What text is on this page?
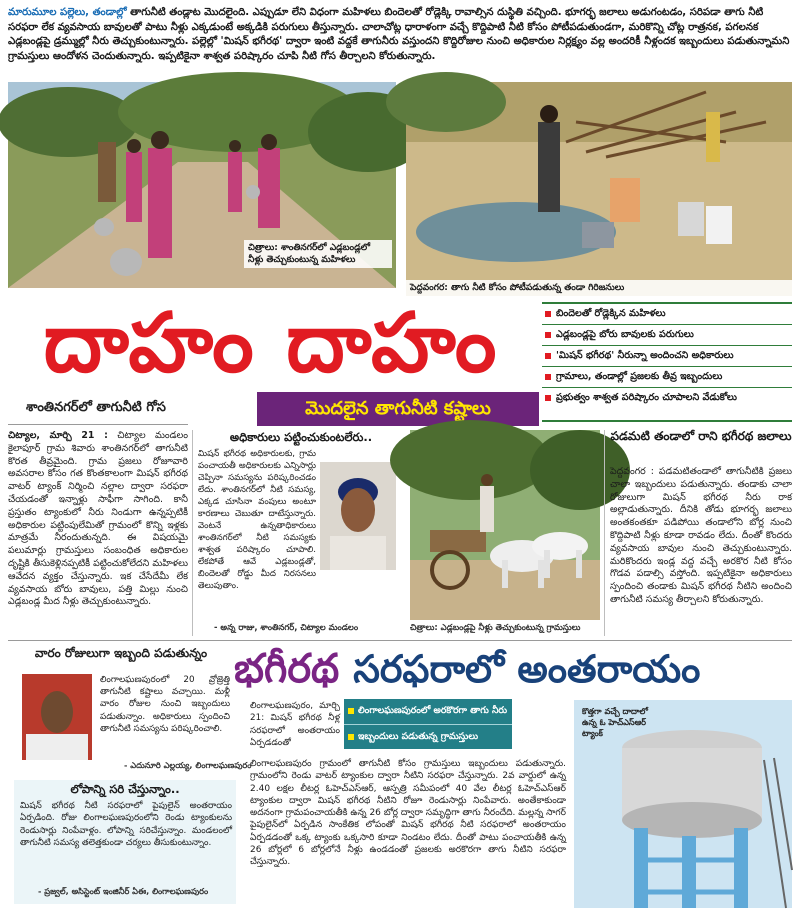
మారుమూల పల్లెలు, తండాల్లో తాగునీటి తండ్లాట మొదలైంది. ఎప్పుడూ లేని విధంగా మహిళలు బిందెలతో రోడ్లెక్కి రావాల్సిన దుస్థితి వచ్చింది. భూగర్భ జలాలు అడుగంటడం, సరిపడా తాగు నీటి సరఫరా లేక వ్యవసాయ బావులతో పాటు నీళ్లు ఎక్కడుంటే అక్కడికి పరుగులు తీస్తున్నారు. చాలాచోట్ల ధారాళంగా వచ్చే కొద్దిపాటి నీటి కోసం పోటీపడుతుండగా, మరికొన్ని చోట్ల రాత్రనక, పగలనక ఎడ్లబండ్లపై డ్రమ్ముల్లో నీరు తెచ్చుకుంటున్నారు. పల్లెల్లో 'మిషన్ భగీరథ' ద్వారా ఇంటి వద్దకే తాగునీరు వస్తుందని కొద్దిరోజుల నుంచి అధికారుల నిర్లక్ష్యం వల్ల అందరికీ నీళ్లందక ఇబ్బందులు పడుతున్నామని గ్రామస్తులు ఆందోళన చెందుతున్నారు. ఇప్పటికైనా శాశ్వత పరిష్కారం చూపి నీటి గోస తీర్చాలని కోరుతున్నారు.
చిత్రాలు: శాంతినగర్‌లో ఎడ్లబండ్లలో నీళ్లు తెచ్చుకుంటున్న మహిళలు
పెద్దవంగర: తాగు నీటి కోసం పోటీపడుతున్న తండా గిరిజనులు
దాహం దాహం
మొదలైన తాగునీటి కష్టాలు
బిందెలతో రోడ్లెక్కిన మహిళలు
ఎడ్లబండ్లపై బోరు బావులకు పరుగులు
'మిషన్ భగీరథ' నీరున్నా అందించని అధికారులు
గ్రామాలు, తండాల్లో ప్రజలకు తీవ్ర ఇబ్బందులు
ప్రభుత్వం శాశ్వత పరిష్కారం చూపాలని వేడుకోలు
శాంతినగర్‌లో తాగునీటి గోస
చిట్యాల, మార్చి 21 : చిట్యాల మండలం కైలాపూర్ గ్రామ శివారు శాంతినగర్‌లో తాగునీటి కొరత తీవ్రమైంది. గ్రామ ప్రజలు రోజూవారి అవసరాల కోసం గత కొంతకాలంగా మిషన్ భగీరథ వాటర్ ట్యాంక్ నిర్మించి నల్లాల ద్వారా సరఫరా చేయడంతో ఇన్నాళ్లు సాఫీగా సాగింది. కానీ ప్రస్తుతం ట్యాంకులో నీరు నిండుగా ఉన్నప్పటికీ అధికారుల పట్టింపులేమితో గ్రామంలో కొన్ని ఇళ్లకు మాత్రమే నీరందుతున్నది. ఈ విషయమై పలుమార్లు గ్రామస్తులు సంబంధిత అధికారుల దృష్టికి తీసుకెళ్లినప్పటికీ పట్టించుకోలేదని మహిళలు ఆవేదన వ్యక్తం చేస్తున్నారు. ఇక చేసేదేమీ లేక వ్యవసాయ బోరు బావులు, పత్తి మిల్లు నుంచి ఎడ్లబండ్ల మీద నీళ్లు తెచ్చుకుంటున్నారు.
అధికారులు పట్టించుకుంటలేరు..
మిషన్ భగీరథ అధికారులకు, గ్రామ పంచాయతీ అధికారులకు ఎన్నిసార్లు చెప్పినా సమస్యను పరిష్కరించడం లేదు. శాంతినగర్‌లో నీటి సమస్య, ఎక్కడ చూసినా వంపులు అంటూ కారణాలు చెబుతూ దాటేస్తున్నారు. వెంటనే ఉన్నతాధికారులు శాంతినగర్‌లో నీటి సమస్యకు శాశ్వత పరిష్కారం చూపాలి. లేకపోతే ఆవే ఎడ్లబండ్లతో, బిందెలతో రోడ్డు మీద నిరసనలు తెలుపుతాం.
- అన్న రాజు, శాంతినగర్, చిట్యాల మండలం	చిత్రాలు: ఎడ్లబండ్లపై నీళ్లు తెచ్చుకుంటున్న గ్రామస్తులు
పడమటి తండాలో రాని భగీరథ జలాలు
పెద్దవంగర : పడమటితండాలో తాగునీటికి ప్రజలు చాలా ఇబ్బందులు పడుతున్నారు. తండాకు చాలా రోజులుగా మిషన్ భగీరథ నీరు రాక అల్లాడుతున్నారు. దీనికి తోడు భూగర్భ జలాలు అంతకంతకూ పడిపోయి తండాలోని బోర్ల నుంచి కొద్దిపాటి నీళ్లు కూడా రావడం లేదు. దీంతో కొందరు వ్యవసాయ బావుల నుంచి తెచ్చుకుంటున్నారు. మరికొందరు ఇండ్ల వద్ద వచ్చే అరకొర నీటి కోసం గొడవ పడాల్సి వస్తోంది. ఇప్పటికైనా అధికారులు స్పందించి తండాకు మిషన్ భగీరథ నీటిని అందించి తాగునీటి సమస్య తీర్చాలని కోరుతున్నారు.
వారం రోజులుగా ఇబ్బంది పడుతున్నం
లింగాలఘణపురంలో 20 వ్రోజ్రెత్తి తాగునీటి కష్టాలు వచ్చాయి. మళ్లీ వారం రోజుల నుంచి ఇబ్బందులు పడుతున్నాం. అధికారులు స్పందించి తాగునీటి సమస్యను పరిష్కరించాలి.
- ఎదునూరి ఎల్లయ్య, లింగాలఘణపురం
లోపాన్ని సరి చేస్తున్నాం..
మిషన్ భగీరథ నీటి సరఫరాలో పైపులైన్ అంతరాయం ఏర్పడింది. రోజు లింగాలఘణపురంలోని రెండు ట్యాంకులను రెండుసార్లు నింపేవాళ్లం. లోపాన్ని సరిచేస్తున్నాం. మండలంలో తాగునీటి సమస్య తలెత్తకుండా చర్యలు తీసుకుంటున్నాం.
- ప్రజ్వల్, అసిస్టెంట్ ఇంజినీర్ ఏఈ, లింగాలఘణపురం
భగీరథ సరఫరాలో అంతరాయం
లింగాలఘణపురం, మార్చి 21: మిషన్ భగీరథ నీళ్ల సరఫరాలో అంతరాయం ఏర్పడడంతో
లింగాలఘణపురంలో అరకొరగా తాగు నీరు
ఇబ్బందులు పడుతున్న గ్రామస్తులు
లింగాలఘణపురం గ్రామంలో తాగునీటి కోసం గ్రామస్తులు ఇబ్బందులు పడుతున్నారు. గ్రామంలోని రెండు వాటర్ ట్యాంకుల ద్వారా నీటిని సరఫరా చేస్తున్నారు. 2వ వార్డులో ఉన్న 2.40 లక్షల లీటర్ల ఓహెచ్‌ఎస్‌ఆర్, ఆస్పత్రి సమీపంలో 40 వేల లీటర్ల ఓహెచ్‌ఎస్‌ఆర్ ట్యాంకుల ద్వారా మిషన్ భగీరథ నీటిని రోజూ రెండుసార్లు నింపేవారు. అంతేకాకుండా అదనంగా గ్రామపంచాయతీకి ఉన్న 26 బోర్ల ద్వారా సమృద్ధిగా తాగు నీరందేది. మల్లన్న సాగర్ పైపులైన్‌లో ఏర్పడిన సాంకేతిక లోపంతో మిషన్ భగీరథ నీటి సరఫరాలో అంతరాయం ఏర్పడడంతో ఒక్క ట్యాంకు ఒక్కసారి కూడా నిండటం లేదు. దీంతో పాటు పంచాయతీకి ఉన్న 26 బోర్లలో 6 బోర్లలోనే నీళ్లు ఉండడంతో ప్రజలకు అరకొరగా తాగు నీటిని సరఫరా చేస్తున్నారు.
కొత్తగా వచ్చే దాదాలో ఉన్న ఓ హెచ్ఎస్ఆర్ ట్యాంక్
